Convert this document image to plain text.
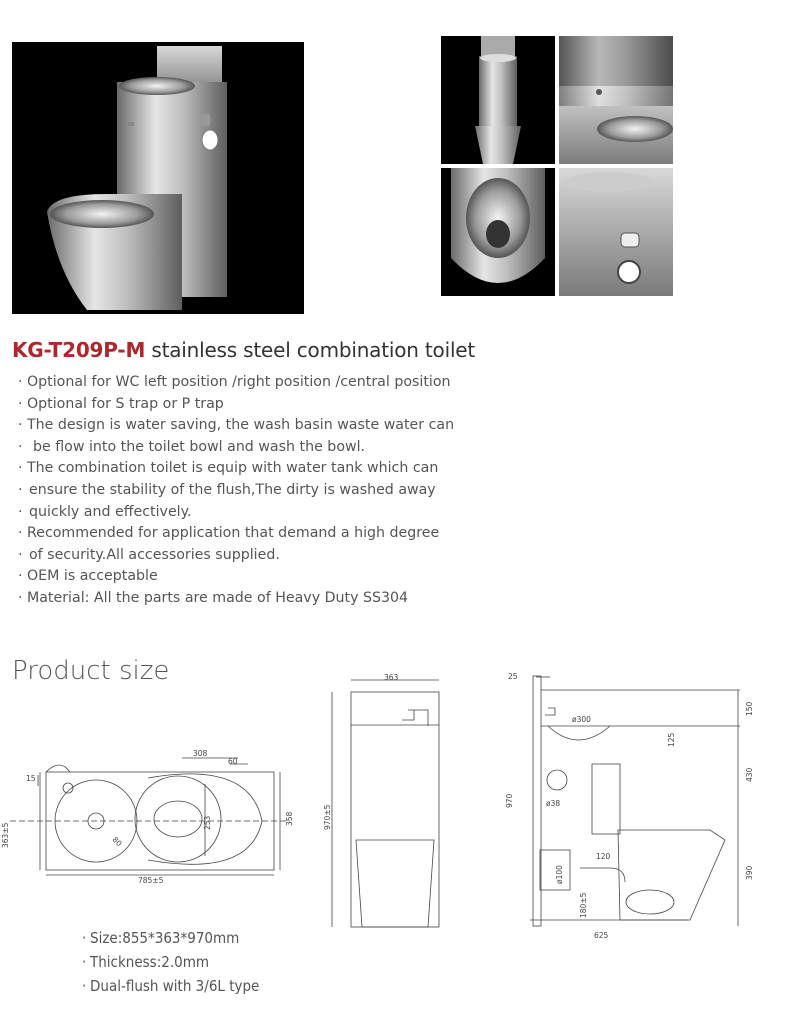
KG-T209P-M stainless steel combination toilet
· Optional for WC left position /right position /central position
· Optional for S trap or P trap
· The design is water saving, the wash basin waste water can
· be flow into the toilet bowl and wash the bowl.
· The combination toilet is equip with water tank which can
· ensure the stability of the flush,The dirty is washed away
· quickly and effectively.
· Recommended for application that demand a high degree
· of security.All accessories supplied.
· OEM is acceptable
· Material: All the parts are made of Heavy Duty SS304
Product size
308
60
15
363±5
358
253
80
785±5
363
970±5
25
ø300
125
ø38
120
ø100
180±5
625
970
150
430
390
· Size:855*363*970mm
· Thickness:2.0mm
· Dual-flush with 3/6L type
